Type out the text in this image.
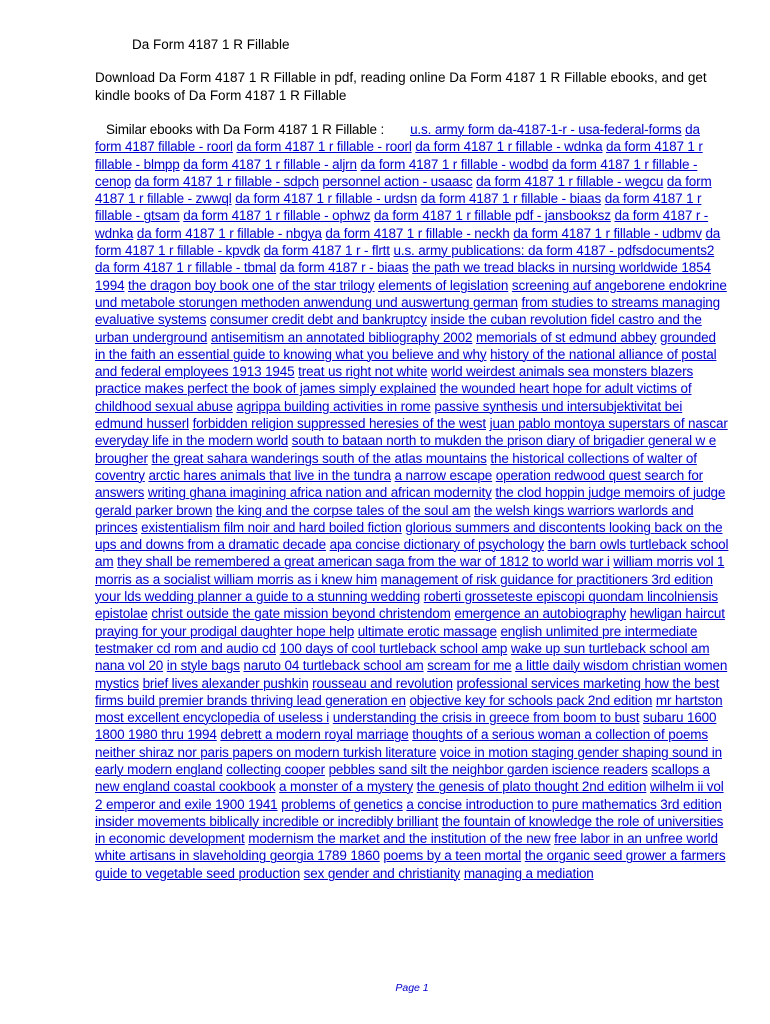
Da Form 4187 1 R Fillable
Download Da Form 4187 1 R Fillable in pdf, reading online Da Form 4187 1 R Fillable ebooks, and get kindle books of Da Form 4187 1 R Fillable
Similar ebooks with Da Form 4187 1 R Fillable : u.s. army form da-4187-1-r - usa-federal-forms da form 4187 fillable - roorl da form 4187 1 r fillable - roorl da form 4187 1 r fillable - wdnka da form 4187 1 r fillable - blmpp da form 4187 1 r fillable - aljrn da form 4187 1 r fillable - wodbd da form 4187 1 r fillable - cenop da form 4187 1 r fillable - sdpch personnel action - usaasc da form 4187 1 r fillable - wegcu da form 4187 1 r fillable - zwwql da form 4187 1 r fillable - urdsn da form 4187 1 r fillable - biaas da form 4187 1 r fillable - gtsam da form 4187 1 r fillable - ophwz da form 4187 1 r fillable pdf - jansbooksz da form 4187 r - wdnka da form 4187 1 r fillable - nbgya da form 4187 1 r fillable - neckh da form 4187 1 r fillable - udbmv da form 4187 1 r fillable - kpvdk da form 4187 1 r - flrtt u.s. army publications: da form 4187 - pdfsdocuments2 da form 4187 1 r fillable - tbmal da form 4187 r - biaas the path we tread blacks in nursing worldwide 1854 1994 the dragon boy book one of the star trilogy elements of legislation screening auf angeborene endokrine und metabole storungen methoden anwendung und auswertung german from studies to streams managing evaluative systems consumer credit debt and bankruptcy inside the cuban revolution fidel castro and the urban underground antisemitism an annotated bibliography 2002 memorials of st edmund abbey grounded in the faith an essential guide to knowing what you believe and why history of the national alliance of postal and federal employees 1913 1945 treat us right not white world weirdest animals sea monsters blazers practice makes perfect the book of james simply explained the wounded heart hope for adult victims of childhood sexual abuse agrippa building activities in rome passive synthesis und intersubjektivitat bei edmund husserl forbidden religion suppressed heresies of the west juan pablo montoya superstars of nascar everyday life in the modern world south to bataan north to mukden the prison diary of brigadier general w e brougher the great sahara wanderings south of the atlas mountains the historical collections of walter of coventry arctic hares animals that live in the tundra a narrow escape operation redwood quest search for answers writing ghana imagining africa nation and african modernity the clod hoppin judge memoirs of judge gerald parker brown the king and the corpse tales of the soul am the welsh kings warriors warlords and princes existentialism film noir and hard boiled fiction glorious summers and discontents looking back on the ups and downs from a dramatic decade apa concise dictionary of psychology the barn owls turtleback school am they shall be remembered a great american saga from the war of 1812 to world war i william morris vol 1 morris as a socialist william morris as i knew him management of risk guidance for practitioners 3rd edition your lds wedding planner a guide to a stunning wedding roberti grosseteste episcopi quondam lincolniensis epistolae christ outside the gate mission beyond christendom emergence an autobiography hewligan haircut praying for your prodigal daughter hope help ultimate erotic massage english unlimited pre intermediate testmaker cd rom and audio cd 100 days of cool turtleback school amp wake up sun turtleback school am nana vol 20 in style bags naruto 04 turtleback school am scream for me a little daily wisdom christian women mystics brief lives alexander pushkin rousseau and revolution professional services marketing how the best firms build premier brands thriving lead generation en objective key for schools pack 2nd edition mr hartston most excellent encyclopedia of useless i understanding the crisis in greece from boom to bust subaru 1600 1800 1980 thru 1994 debrett a modern royal marriage thoughts of a serious woman a collection of poems neither shiraz nor paris papers on modern turkish literature voice in motion staging gender shaping sound in early modern england collecting cooper pebbles sand silt the neighbor garden iscience readers scallops a new england coastal cookbook a monster of a mystery the genesis of plato thought 2nd edition wilhelm ii vol 2 emperor and exile 1900 1941 problems of genetics a concise introduction to pure mathematics 3rd edition insider movements biblically incredible or incredibly brilliant the fountain of knowledge the role of universities in economic development modernism the market and the institution of the new free labor in an unfree world white artisans in slaveholding georgia 1789 1860 poems by a teen mortal the organic seed grower a farmers guide to vegetable seed production sex gender and christianity managing a mediation
Page 1
